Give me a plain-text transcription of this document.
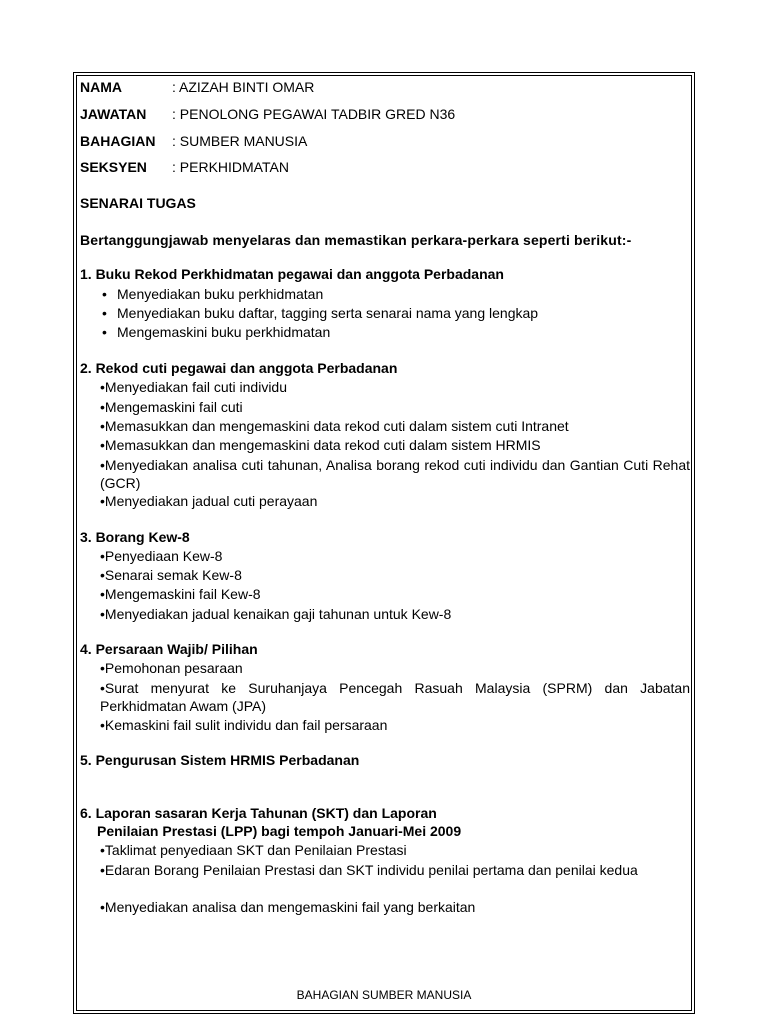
NAMA	: AZIZAH BINTI OMAR
JAWATAN : PENOLONG PEGAWAI TADBIR GRED N36
BAHAGIAN : SUMBER MANUSIA
SEKSYEN : PERKHIDMATAN
SENARAI TUGAS
Bertanggungjawab menyelaras dan memastikan perkara-perkara seperti berikut:-
1. Buku Rekod Perkhidmatan pegawai dan anggota Perbadanan
• Menyediakan buku perkhidmatan
• Menyediakan buku daftar, tagging serta senarai nama yang lengkap
• Mengemaskini buku perkhidmatan
2. Rekod cuti pegawai dan anggota Perbadanan
•Menyediakan fail cuti individu
•Mengemaskini fail cuti
•Memasukkan dan mengemaskini data rekod cuti dalam sistem cuti Intranet
•Memasukkan dan mengemaskini data rekod cuti dalam sistem HRMIS
•Menyediakan analisa cuti tahunan, Analisa borang rekod cuti individu dan Gantian Cuti Rehat (GCR)
•Menyediakan jadual cuti perayaan
3. Borang Kew-8
•Penyediaan Kew-8
•Senarai semak Kew-8
•Mengemaskini fail Kew-8
•Menyediakan jadual kenaikan gaji tahunan untuk Kew-8
4. Persaraan Wajib/ Pilihan
•Pemohonan pesaraan
•Surat menyurat ke Suruhanjaya Pencegah Rasuah Malaysia (SPRM) dan Jabatan Perkhidmatan Awam (JPA)
•Kemaskini fail sulit individu dan fail persaraan
5. Pengurusan Sistem HRMIS Perbadanan
6. Laporan sasaran Kerja Tahunan (SKT) dan Laporan
Penilaian Prestasi (LPP) bagi tempoh Januari-Mei 2009
•Taklimat penyediaan SKT dan Penilaian Prestasi
•Edaran Borang Penilaian Prestasi dan SKT individu penilai pertama dan penilai kedua
•Menyediakan analisa dan mengemaskini fail yang berkaitan
BAHAGIAN SUMBER MANUSIA
